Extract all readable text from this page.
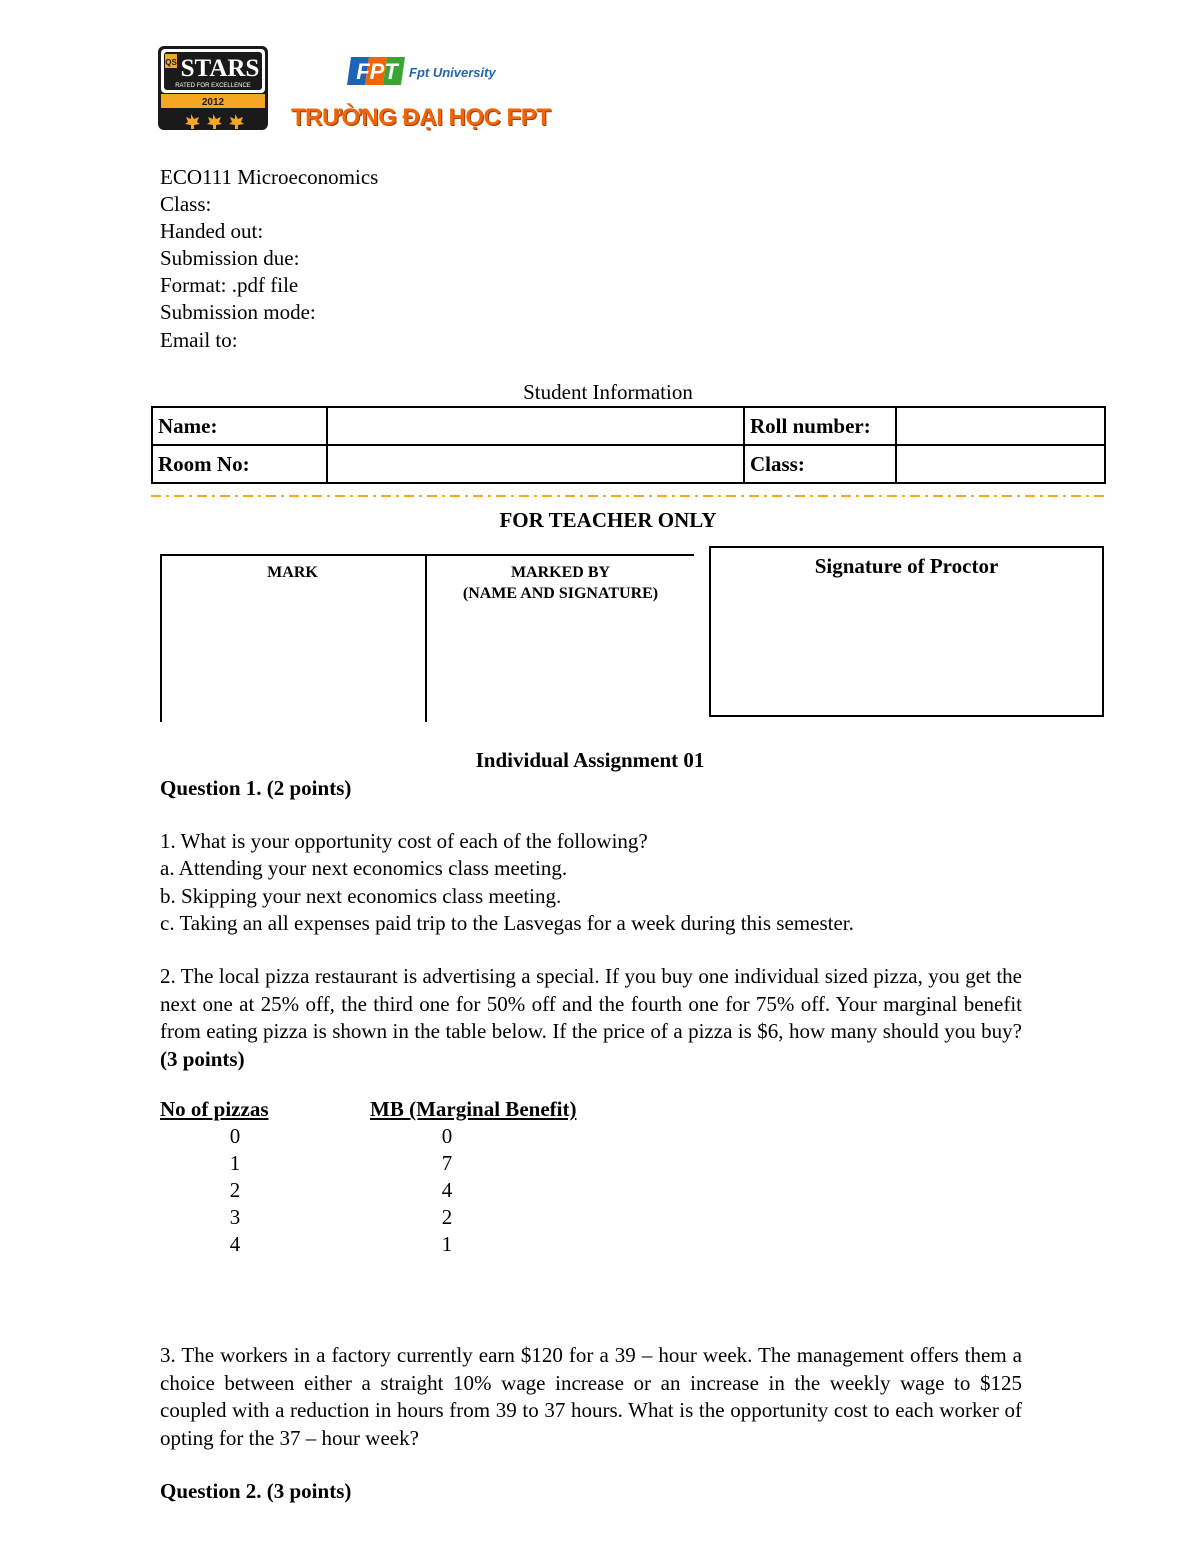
QS STARS
RATED FOR EXCELLENCE
2012
FPT Fpt University
TRƯỜNG ĐẠI HỌC FPT
ECO111 Microeconomics
Class:
Handed out:
Submission due:
Format: .pdf file
Submission mode:
Email to:
Student Information
Name:		Roll number:	
Room No:		Class:	
FOR TEACHER ONLY
MARK	MARKED BY
(NAME AND SIGNATURE)
Signature of Proctor
Individual Assignment 01
Question 1. (2 points)
1. What is your opportunity cost of each of the following?
a. Attending your next economics class meeting.
b. Skipping your next economics class meeting.
c. Taking an all expenses paid trip to the Lasvegas for a week during this semester.
2. The local pizza restaurant is advertising a special. If you buy one individual sized pizza, you get the next one at 25% off, the third one for 50% off and the fourth one for 75% off. Your marginal benefit from eating pizza is shown in the table below. If the price of a pizza is $6, how many should you buy? (3 points)
No of pizzas	MB (Marginal Benefit)
0	0
1	7
2	4
3	2
4	1
3. The workers in a factory currently earn $120 for a 39 – hour week. The management offers them a choice between either a straight 10% wage increase or an increase in the weekly wage to $125 coupled with a reduction in hours from 39 to 37 hours. What is the opportunity cost to each worker of opting for the 37 – hour week?
Question 2. (3 points)
